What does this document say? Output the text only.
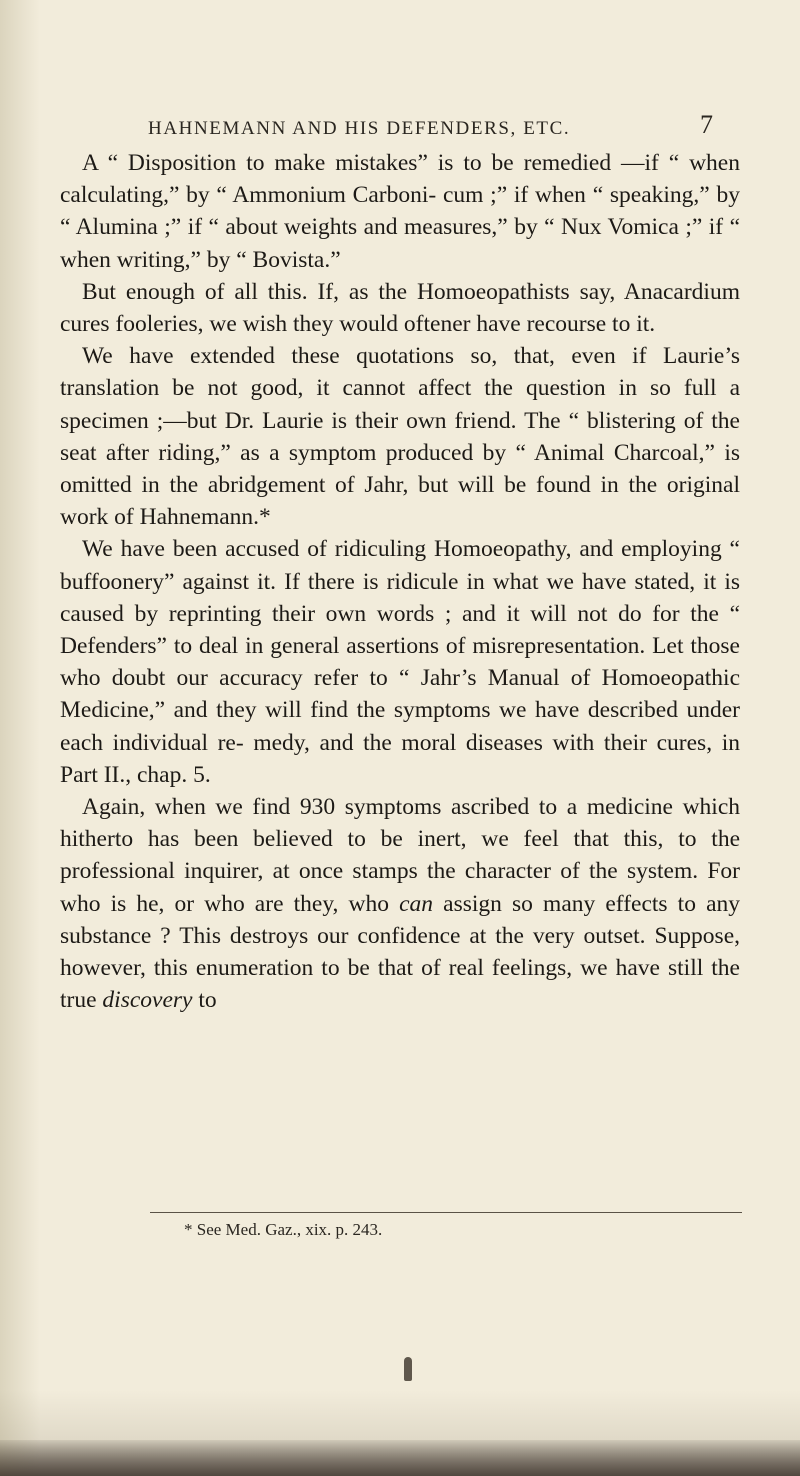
HAHNEMANN AND HIS DEFENDERS, ETC.	7

A “ Disposition to make mistakes” is to be remedied —if “ when calculating,” by “ Ammonium Carboni- cum ;” if when “ speaking,” by “ Alumina ;” if “ about weights and measures,” by “ Nux Vomica ;” if “ when writing,” by “ Bovista.”

But enough of all this. If, as the Homoeopathists say, Anacardium cures fooleries, we wish they would oftener have recourse to it.

We have extended these quotations so, that, even if Laurie’s translation be not good, it cannot affect the question in so full a specimen ;—but Dr. Laurie is their own friend. The “ blistering of the seat after riding,” as a symptom produced by “ Animal Charcoal,” is omitted in the abridgement of Jahr, but will be found in the original work of Hahnemann.*

We have been accused of ridiculing Homoeopathy, and employing “ buffoonery” against it. If there is ridicule in what we have stated, it is caused by reprinting their own words ; and it will not do for the “ Defenders” to deal in general assertions of misrepresentation. Let those who doubt our accuracy refer to “ Jahr’s Manual of Homoeopathic Medicine,” and they will find the symptoms we have described under each individual re- medy, and the moral diseases with their cures, in Part II., chap. 5.

Again, when we find 930 symptoms ascribed to a medicine which hitherto has been believed to be inert, we feel that this, to the professional inquirer, at once stamps the character of the system. For who is he, or who are they, who can assign so many effects to any substance ? This destroys our confidence at the very outset. Suppose, however, this enumeration to be that of real feelings, we have still the true discovery to

* See Med. Gaz., xix. p. 243.
